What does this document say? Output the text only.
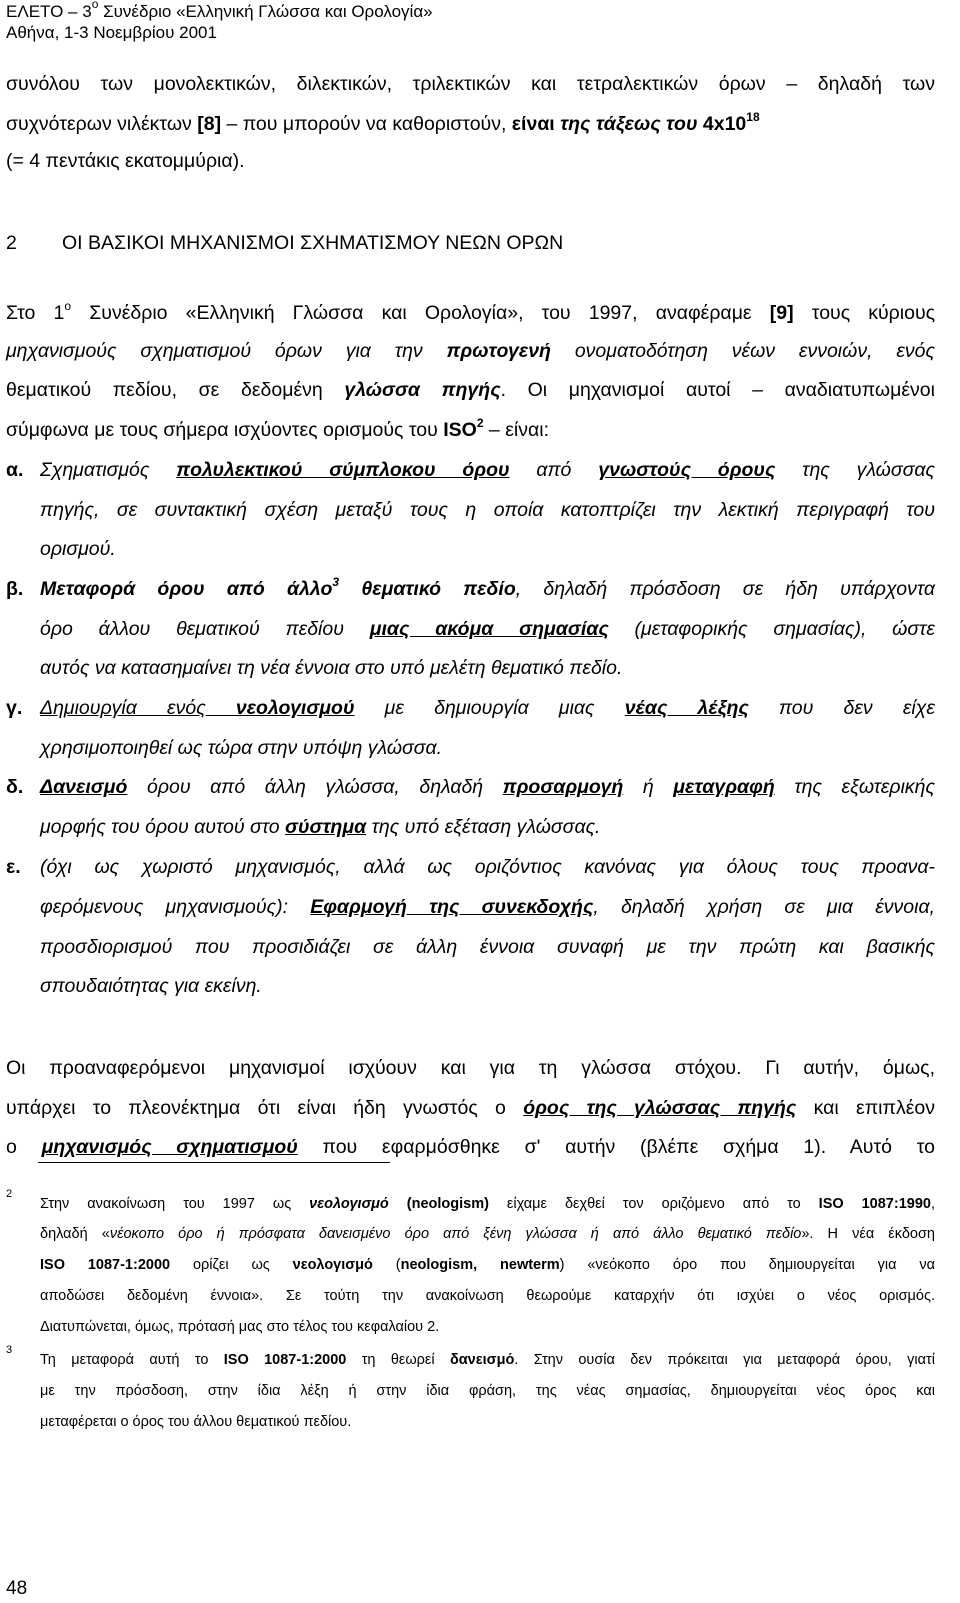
ΕΛΕΤΟ – $3^o$ Συνέδριο «Ελληνική Γλώσσα και Ορολογία»
Αθήνα, 1-3 Νοεμβρίου 2001
συνόλου των μονολεκτικών, διλεκτικών, τριλεκτικών και τετραλεκτικών όρων – δηλαδή των
συχνότερων νιλέκτων [8] – που μπορούν να καθοριστούν, είναι της τάξεως του $4x10^{18}$
(= 4 πεντάκις εκατομμύρια).
2 ΟΙ ΒΑΣΙΚΟΙ ΜΗΧΑΝΙΣΜΟΙ ΣΧΗΜΑΤΙΣΜΟΥ ΝΕΩΝ ΟΡΩΝ
Στο $1^o$ Συνέδριο «Ελληνική Γλώσσα και Ορολογία», του 1997, αναφέραμε [9] τους κύριους
μηχανισμούς σχηματισμού όρων για την πρωτογενή ονοματοδότηση νέων εννοιών, ενός
θεματικού πεδίου, σε δεδομένη γλώσσα πηγής. Οι μηχανισμοί αυτοί – αναδιατυπωμένοι
σύμφωνα με τους σήμερα ισχύοντες ορισμούς του ISO$^2$ – είναι:
α. Σχηματισμός πολυλεκτικού σύμπλοκου όρου από γνωστούς όρους της γλώσσας
πηγής, σε συντακτική σχέση μεταξύ τους η οποία κατοπτρίζει την λεκτική περιγραφή του
ορισμού.
β. Μεταφορά όρου από άλλο$^3$ θεματικό πεδίο, δηλαδή πρόσδοση σε ήδη υπάρχοντα
όρο άλλου θεματικού πεδίου μιας ακόμα σημασίας (μεταφορικής σημασίας), ώστε
αυτός να κατασημαίνει τη νέα έννοια στο υπό μελέτη θεματικό πεδίο.
γ. Δημιουργία ενός νεολογισμού με δημιουργία μιας νέας λέξης που δεν είχε
χρησιμοποιηθεί ως τώρα στην υπόψη γλώσσα.
δ. Δανεισμό όρου από άλλη γλώσσα, δηλαδή προσαρμογή ή μεταγραφή της εξωτερικής
μορφής του όρου αυτού στο σύστημα της υπό εξέταση γλώσσας.
ε. (όχι ως χωριστό μηχανισμός, αλλά ως οριζόντιος κανόνας για όλους τους προανα-
φερόμενους μηχανισμούς): Εφαρμογή της συνεκδοχής, δηλαδή χρήση σε μια έννοια,
προσδιορισμού που προσιδιάζει σε άλλη έννοια συναφή με την πρώτη και βασικής
σπουδαιότητας για εκείνη.
Οι προαναφερόμενοι μηχανισμοί ισχύουν και για τη γλώσσα στόχου. Γι αυτήν, όμως,
υπάρχει το πλεονέκτημα ότι είναι ήδη γνωστός ο όρος της γλώσσας πηγής και επιπλέον
ο μηχανισμός σχηματισμού που εφαρμόσθηκε σ' αυτήν (βλέπε σχήμα 1). Αυτό το
2
Στην ανακοίνωση του 1997 ως νεολογισμό (neologism) είχαμε δεχθεί τον οριζόμενο από το ISO 1087:1990,
δηλαδή «νέοκοπο όρο ή πρόσφατα δανεισμένο όρο από ξένη γλώσσα ή από άλλο θεματικό πεδίο». Η νέα έκδοση
ISO 1087-1:2000 ορίζει ως νεολογισμό (neologism, newterm) «νεόκοπο όρο που δημιουργείται για να
αποδώσει δεδομένη έννοια». Σε τούτη την ανακοίνωση θεωρούμε καταρχήν ότι ισχύει ο νέος ορισμός.
Διατυπώνεται, όμως, πρότασή μας στο τέλος του κεφαλαίου 2.
3
Τη μεταφορά αυτή το ISO 1087-1:2000 τη θεωρεί δανεισμό. Στην ουσία δεν πρόκειται για μεταφορά όρου, γιατί
με την πρόσδοση, στην ίδια λέξη ή στην ίδια φράση, της νέας σημασίας, δημιουργείται νέος όρος και
μεταφέρεται ο όρος του άλλου θεματικού πεδίου.
48
